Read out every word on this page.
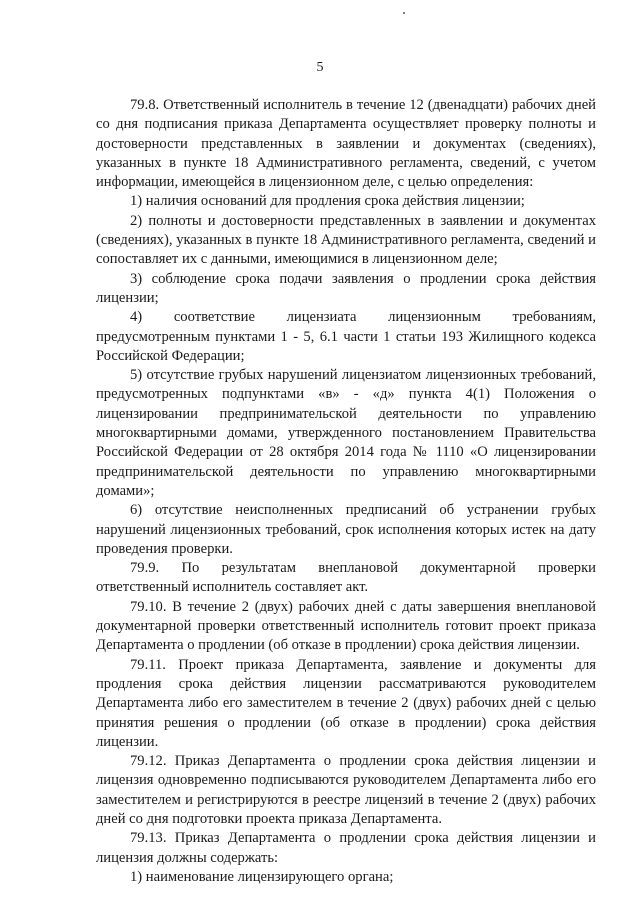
5

79.8. Ответственный исполнитель в течение 12 (двенадцати) рабочих дней со дня подписания приказа Департамента осуществляет проверку полноты и достоверности представленных в заявлении и документах (сведениях), указанных в пункте 18 Административного регламента, сведений, с учетом информации, имеющейся в лицензионном деле, с целью определения:

1) наличия оснований для продления срока действия лицензии;

2) полноты и достоверности представленных в заявлении и документах (сведениях), указанных в пункте 18 Административного регламента, сведений и сопоставляет их с данными, имеющимися в лицензионном деле;

3) соблюдение срока подачи заявления о продлении срока действия лицензии;

4) соответствие лицензиата лицензионным требованиям, предусмотренным пунктами 1 - 5, 6.1 части 1 статьи 193 Жилищного кодекса Российской Федерации;

5) отсутствие грубых нарушений лицензиатом лицензионных требований, предусмотренных подпунктами «в» - «д» пункта 4(1) Положения о лицензировании предпринимательской деятельности по управлению многоквартирными домами, утвержденного постановлением Правительства Российской Федерации от 28 октября 2014 года № 1110 «О лицензировании предпринимательской деятельности по управлению многоквартирными домами»;

6) отсутствие неисполненных предписаний об устранении грубых нарушений лицензионных требований, срок исполнения которых истек на дату проведения проверки.

79.9. По результатам внеплановой документарной проверки ответственный исполнитель составляет акт.

79.10. В течение 2 (двух) рабочих дней с даты завершения внеплановой документарной проверки ответственный исполнитель готовит проект приказа Департамента о продлении (об отказе в продлении) срока действия лицензии.

79.11. Проект приказа Департамента, заявление и документы для продления срока действия лицензии рассматриваются руководителем Департамента либо его заместителем в течение 2 (двух) рабочих дней с целью принятия решения о продлении (об отказе в продлении) срока действия лицензии.

79.12. Приказ Департамента о продлении срока действия лицензии и лицензия одновременно подписываются руководителем Департамента либо его заместителем и регистрируются в реестре лицензий в течение 2 (двух) рабочих дней со дня подготовки проекта приказа Департамента.

79.13. Приказ Департамента о продлении срока действия лицензии и лицензия должны содержать:

1) наименование лицензирующего органа;
